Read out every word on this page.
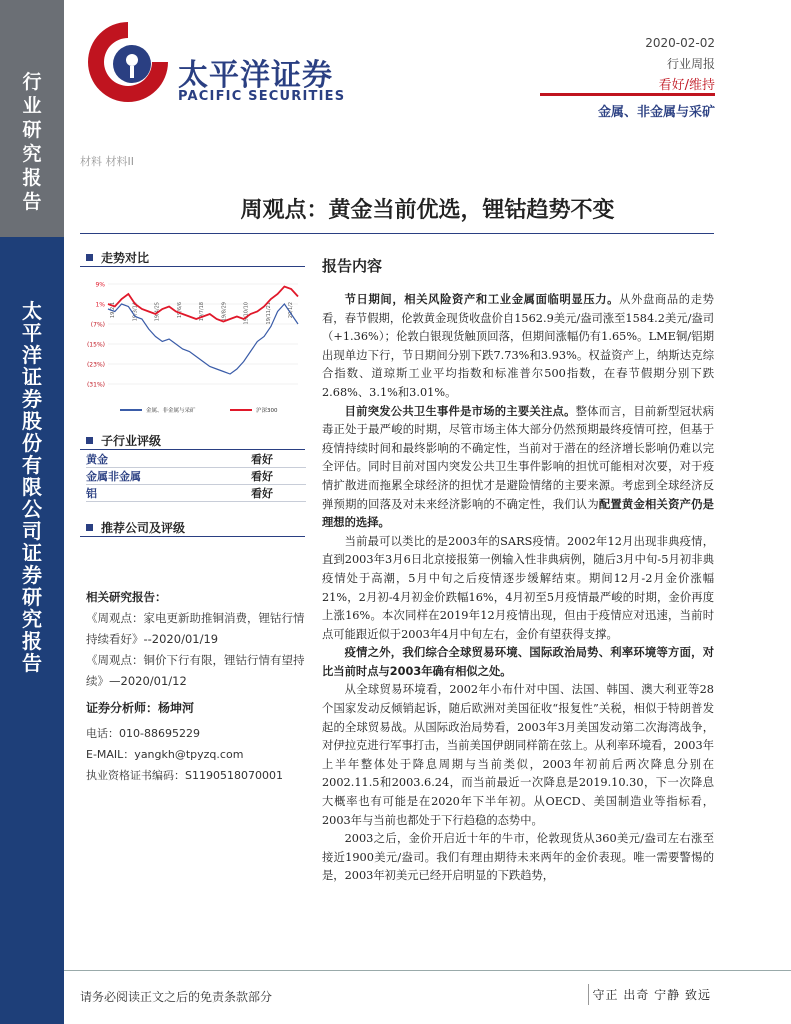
行
业
研
究
报
告
太
平
洋
证
券
股
份
有
限
公
司
证
券
研
究
报
告
太平洋证券
PACIFIC SECURITIES
2020-02-02
行业周报
看好/维持
金属、非金属与采矿
材料 材料II
周观点：黄金当前优选，锂钴趋势不变
走势对比
9%
1%
(7%)
(15%)
(23%)
(31%)
19/2/1	19/3/14	19/4/25	19/6/6	19/7/18	19/8/29	19/10/10	19/11/21	20/1/2
金属、非金属与采矿	沪深300
子行业评级
黄金	看好
金属非金属	看好
铝	看好
推荐公司及评级
相关研究报告：
《周观点：家电更新助推铜消费，锂钴行情持续看好》--2020/01/19
《周观点：铜价下行有限，锂钴行情有望持续》—2020/01/12
证券分析师：杨坤河
电话：010-88695229
E-MAIL：yangkh@tpyzq.com
执业资格证书编码：S1190518070001
报告内容

节日期间，相关风险资产和工业金属面临明显压力。从外盘商品的走势看，春节假期，伦敦黄金现货收盘价自1562.9美元/盎司涨至1584.2美元/盎司（+1.36%）；伦敦白银现货触顶回落，但期间涨幅仍有1.65%。LME铜/铝期出现单边下行，节日期间分别下跌7.73%和3.93%。权益资产上，纳斯达克综合指数、道琼斯工业平均指数和标准普尔500指数，在春节假期分别下跌2.68%、3.1%和3.01%。

目前突发公共卫生事件是市场的主要关注点。整体而言，目前新型冠状病毒正处于最严峻的时期，尽管市场主体大部分仍然预期最终疫情可控，但基于疫情持续时间和最终影响的不确定性，当前对于潜在的经济增长影响仍难以完全评估。同时目前对国内突发公共卫生事件影响的担忧可能相对次要，对于疫情扩散进而拖累全球经济的担忧才是避险情绪的主要来源。考虑到全球经济反弹预期的回落及对未来经济影响的不确定性，我们认为配置黄金相关资产仍是理想的选择。

当前最可以类比的是2003年的SARS疫情。2002年12月出现非典疫情，直到2003年3月6日北京接报第一例输入性非典病例，随后3月中旬-5月初非典疫情处于高潮，5月中旬之后疫情逐步缓解结束。期间12月-2月金价涨幅21%，2月初-4月初金价跌幅16%，4月初至5月疫情最严峻的时期，金价再度上涨16%。本次同样在2019年12月疫情出现，但由于疫情应对迅速，当前时点可能跟近似于2003年4月中旬左右，金价有望获得支撑。

疫情之外，我们综合全球贸易环境、国际政治局势、利率环境等方面，对比当前时点与2003年确有相似之处。

从全球贸易环境看，2002年小布什对中国、法国、韩国、澳大利亚等28个国家发动反倾销起诉，随后欧洲对美国征收“报复性”关税，相似于特朗普发起的全球贸易战。从国际政治局势看，2003年3月美国发动第二次海湾战争，对伊拉克进行军事打击，当前美国伊朗同样箭在弦上。从利率环境看，2003年上半年整体处于降息周期与当前类似，2003年初前后两次降息分别在2002.11.5和2003.6.24，而当前最近一次降息是2019.10.30，下一次降息大概率也有可能是在2020年下半年初。从OECD、美国制造业等指标看，2003年与当前也都处于下行趋稳的态势中。

2003之后，金价开启近十年的牛市，伦敦现货从360美元/盎司左右涨至接近1900美元/盎司。我们有理由期待未来两年的金价表现。唯一需要警惕的是，2003年初美元已经开启明显的下跌趋势，

请务必阅读正文之后的免责条款部分	守正 出奇 宁静 致远
